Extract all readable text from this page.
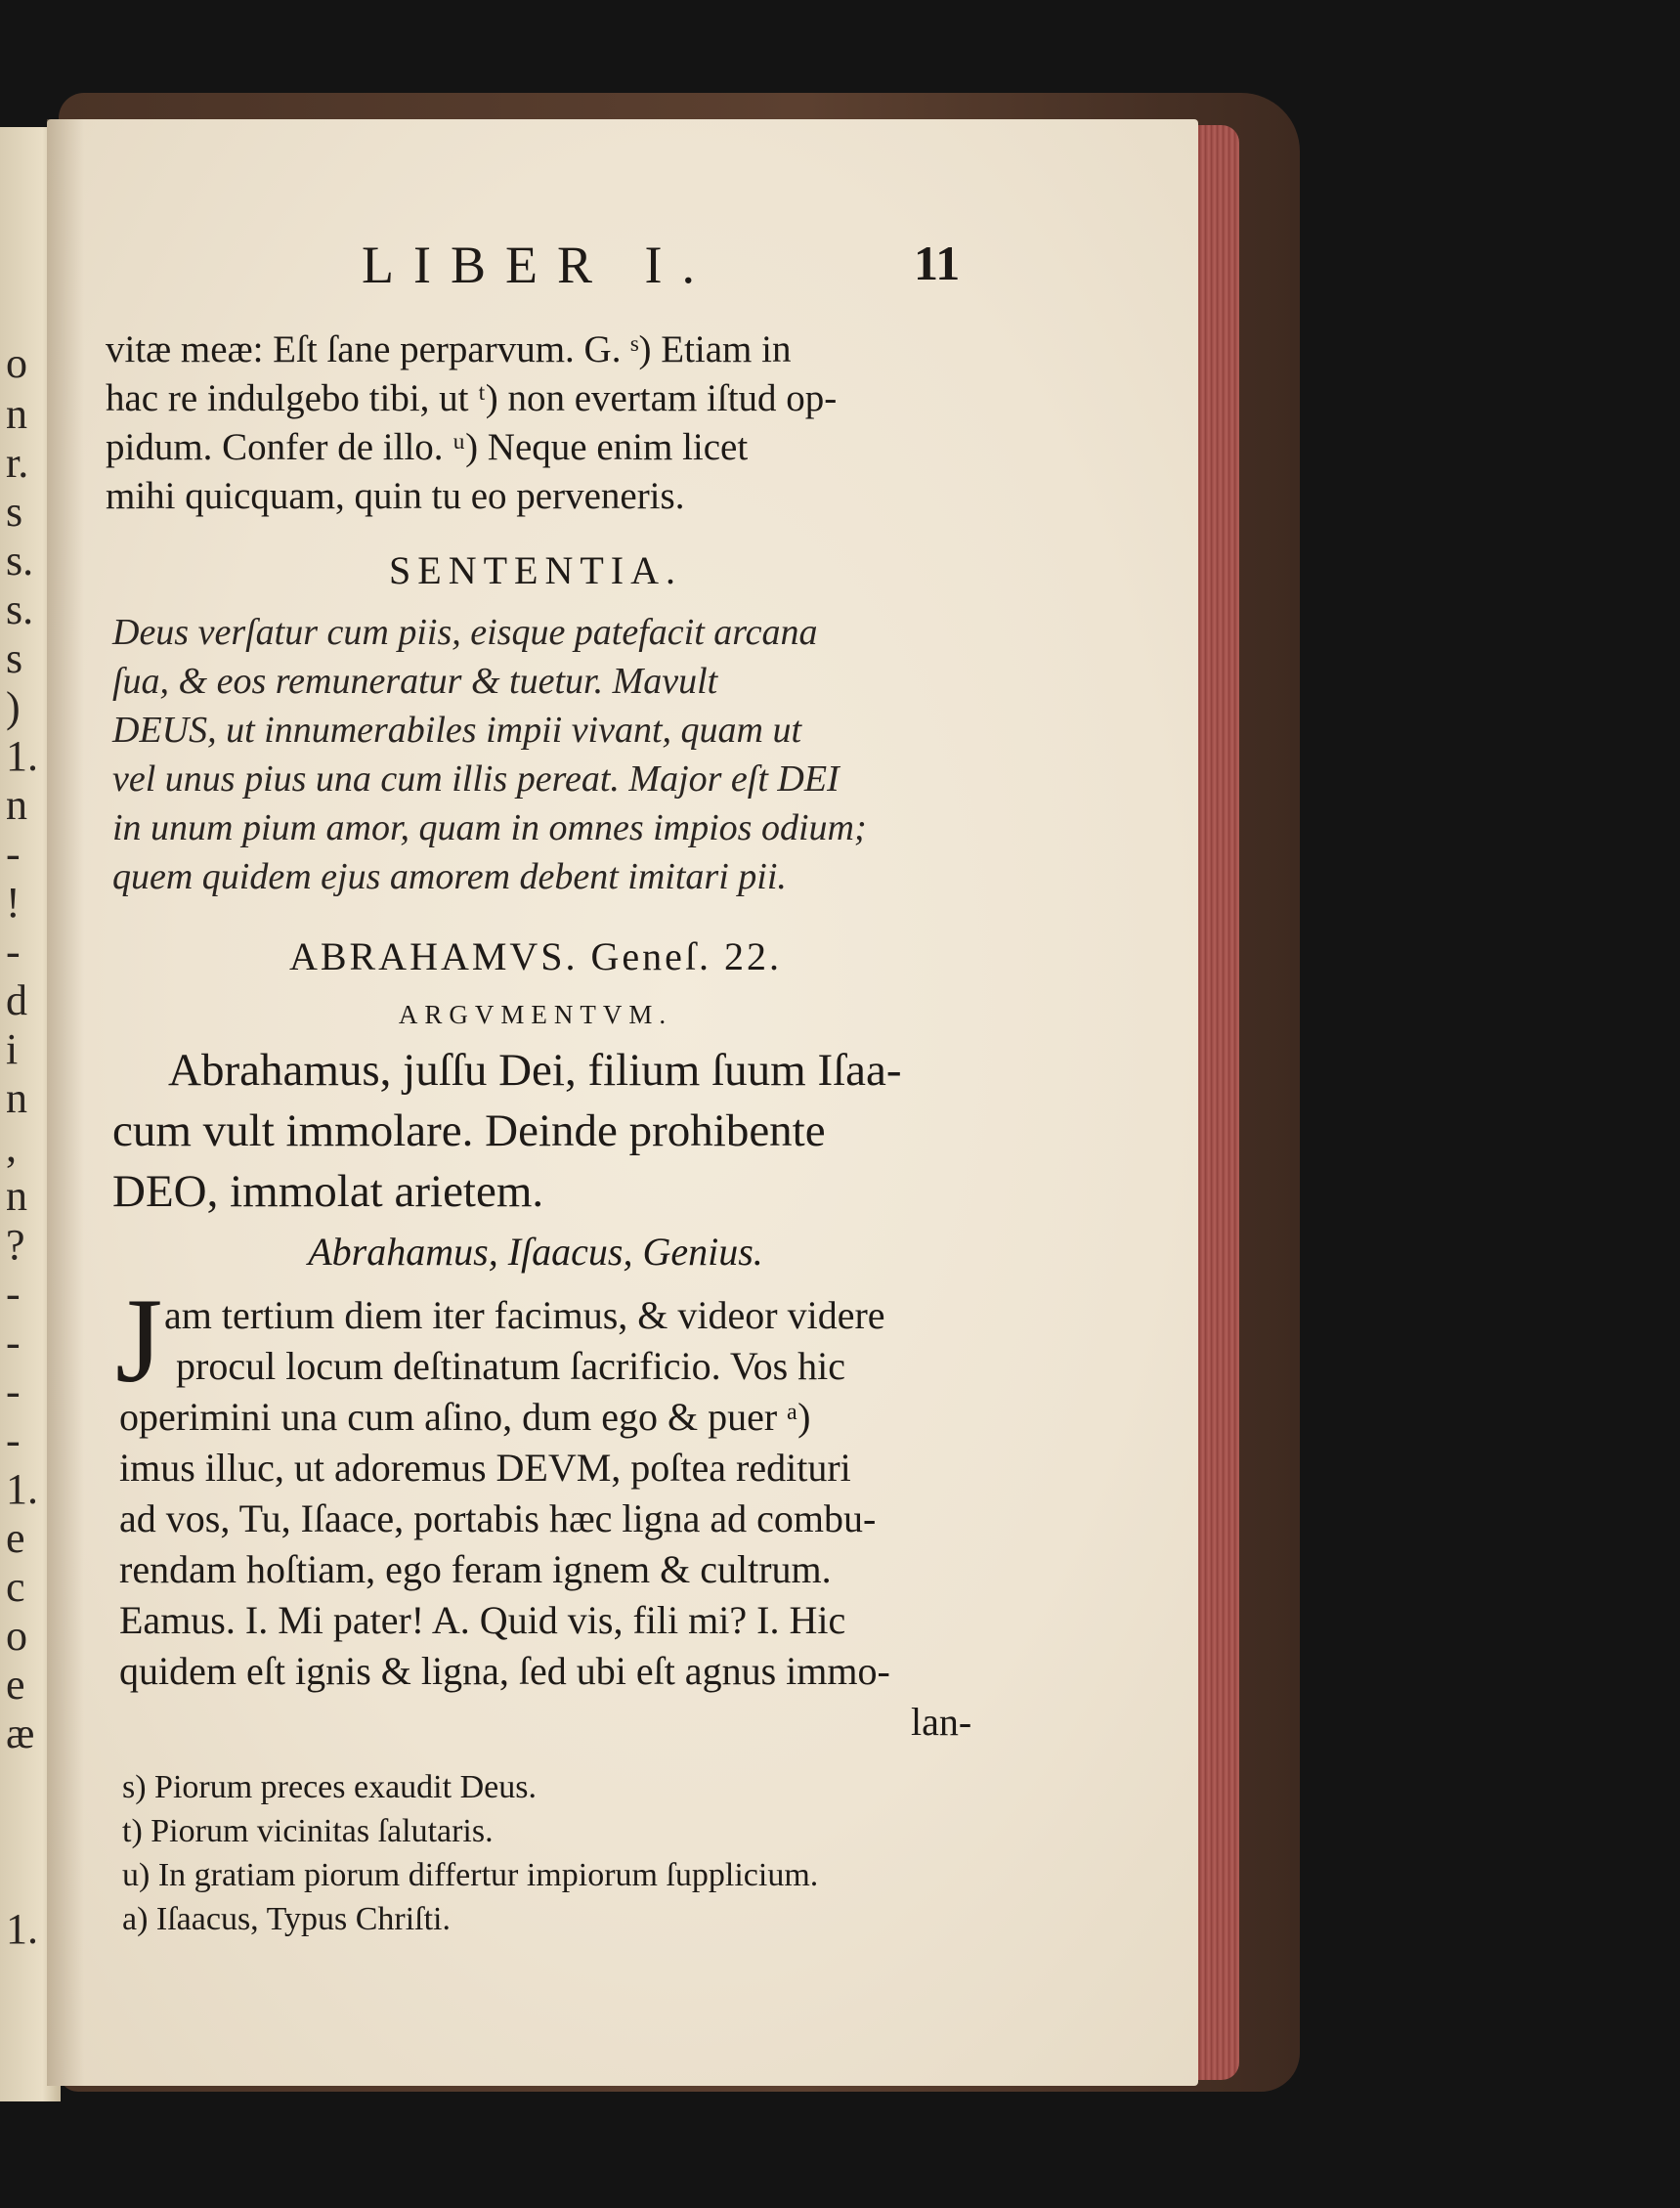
o
n
r.
s
s.
s.
s
)
1.
n
-
!
-
d
i
n
,
n
?
-
-
-
-
1.
e
c
o
e
æ
1.
LIBER I.	11
vitæ meæ: Eſt ſane perparvum. G. ˢ) Etiam in
hac re indulgebo tibi, ut ᵗ) non evertam iſtud op-
pidum. Confer de illo. ᵘ) Neque enim licet
mihi quicquam, quin tu eo perveneris.
SENTENTIA.
Deus verſatur cum piis, eisque patefacit arcana
ſua, & eos remuneratur & tuetur. Mavult
DEUS, ut innumerabiles impii vivant, quam ut
vel unus pius una cum illis pereat. Major eſt DEI
in unum pium amor, quam in omnes impios odium;
quem quidem ejus amorem debent imitari pii.
ABRAHAMVS. Geneſ. 22.
ARGVMENTVM.
Abrahamus, juſſu Dei, filium ſuum Iſaa-
cum vult immolare. Deinde prohibente
DEO, immolat arietem.
Abrahamus, Iſaacus, Genius.
J am tertium diem iter facimus, & videor videre
procul locum deſtinatum ſacrificio. Vos hic
operimini una cum aſino, dum ego & puer ᵃ)
imus illuc, ut adoremus DEVM, poſtea redituri
ad vos, Tu, Iſaace, portabis hæc ligna ad combu-
rendam hoſtiam, ego feram ignem & cultrum.
Eamus. I. Mi pater! A. Quid vis, fili mi? I. Hic
quidem eſt ignis & ligna, ſed ubi eſt agnus immo-
lan-
s) Piorum preces exaudit Deus.
t) Piorum vicinitas ſalutaris.
u) In gratiam piorum differtur impiorum ſupplicium.
a) Iſaacus, Typus Chriſti.
